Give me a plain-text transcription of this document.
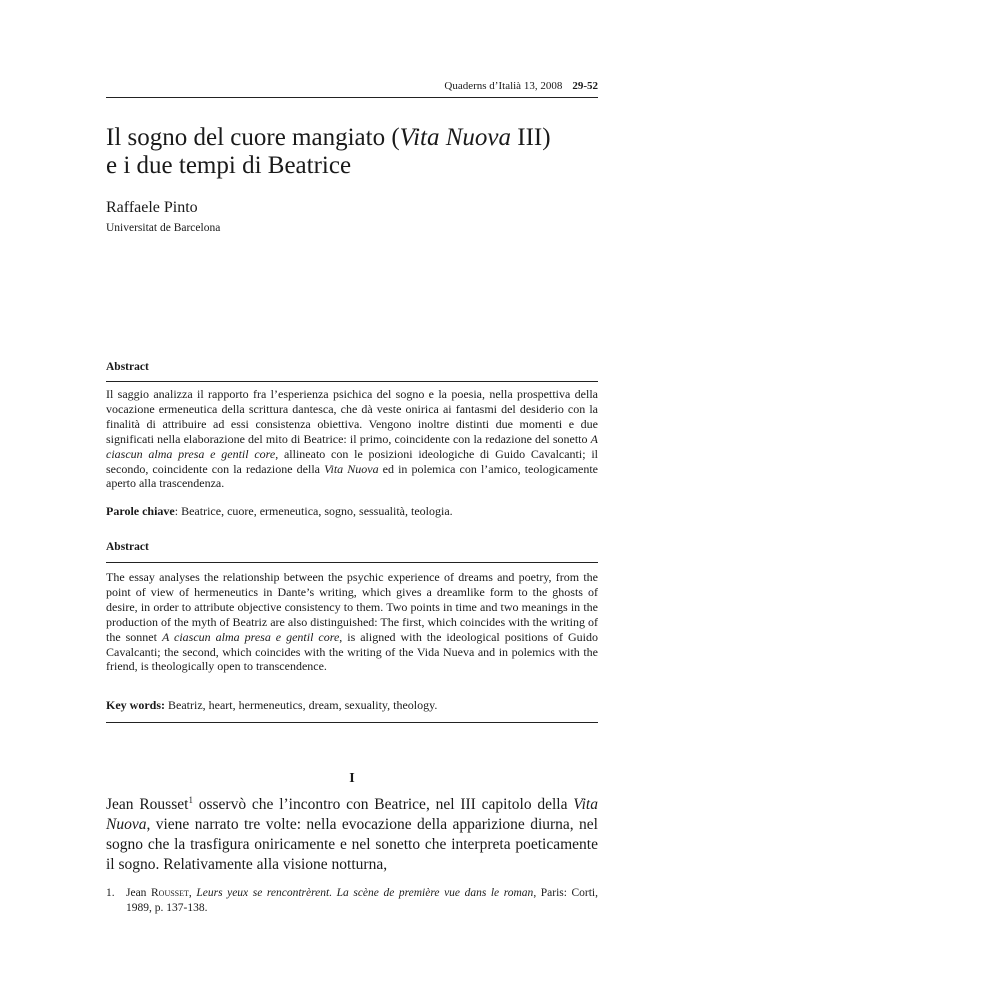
Quaderns d’Italià 13, 2008 29-52
Il sogno del cuore mangiato (Vita Nuova III)
e i due tempi di Beatrice
Raffaele Pinto
Universitat de Barcelona
Abstract
Il saggio analizza il rapporto fra l’esperienza psichica del sogno e la poesia, nella prospettiva della vocazione ermeneutica della scrittura dantesca, che dà veste onirica ai fantasmi del desiderio con la finalità di attribuire ad essi consistenza obiettiva. Vengono inoltre distinti due momenti e due significati nella elaborazione del mito di Beatrice: il primo, coincidente con la redazione del sonetto A ciascun alma presa e gentil core, allineato con le posizioni ideologiche di Guido Cavalcanti; il secondo, coincidente con la redazione della Vita Nuova ed in polemica con l’amico, teologicamente aperto alla trascendenza.
Parole chiave: Beatrice, cuore, ermeneutica, sogno, sessualità, teologia.
Abstract
The essay analyses the relationship between the psychic experience of dreams and poetry, from the point of view of hermeneutics in Dante’s writing, which gives a dreamlike form to the ghosts of desire, in order to attribute objective consistency to them. Two points in time and two meanings in the production of the myth of Beatriz are also distinguished: The first, which coincides with the writing of the sonnet A ciascun alma presa e gentil core, is aligned with the ideological positions of Guido Cavalcanti; the second, which coincides with the writing of the Vida Nueva and in polemics with the friend, is theologically open to transcendence.
Key words: Beatriz, heart, hermeneutics, dream, sexuality, theology.
I
Jean Rousset$^1$ osservò che l’incontro con Beatrice, nel III capitolo della Vita Nuova, viene narrato tre volte: nella evocazione della apparizione diurna, nel sogno che la trasfigura oniricamente e nel sonetto che interpreta poeticamente il sogno. Relativamente alla visione notturna,
1. Jean Rousset, Leurs yeux se rencontrèrent. La scène de première vue dans le roman, Paris: Corti, 1989, p. 137-138.
